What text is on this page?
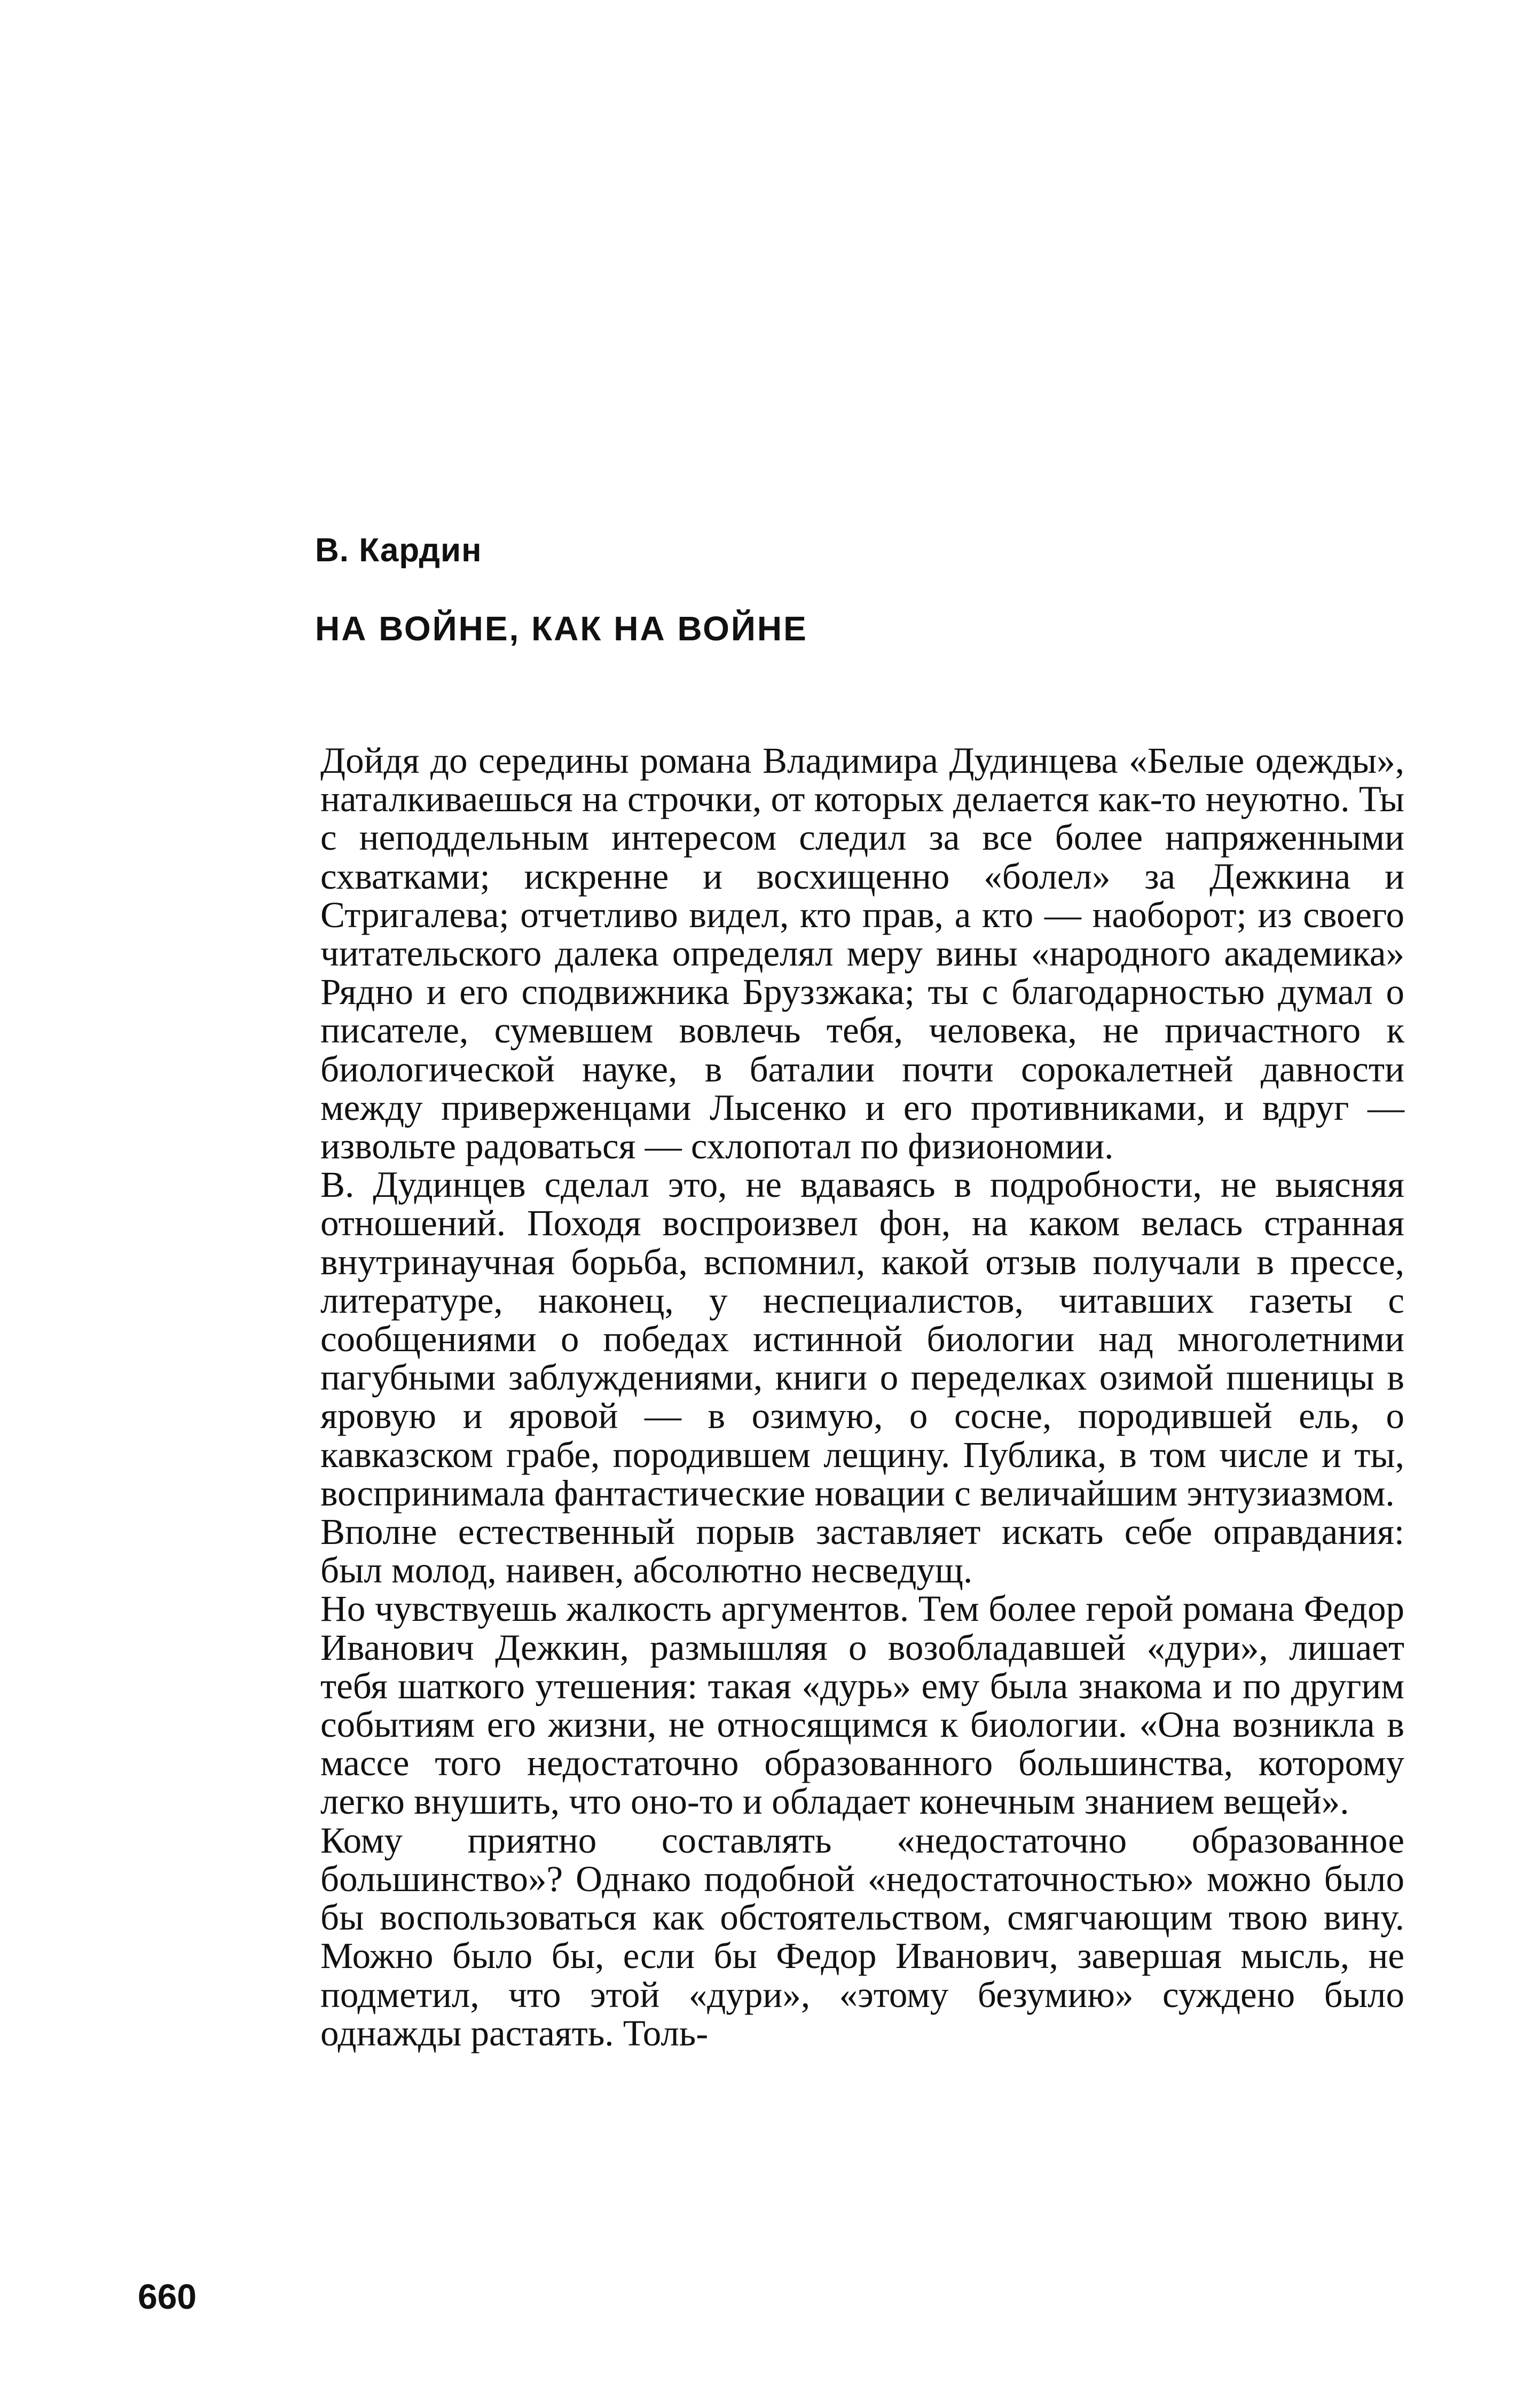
В. Кардин
НА ВОЙНЕ, КАК НА ВОЙНЕ

Дойдя до середины романа Владимира Дудинцева «Белые одежды», наталкиваешься на строчки, от которых делается как-то неуютно. Ты с неподдельным интересом следил за все более напряженными схватками; искренне и восхищенно «болел» за Дежкина и Стригалева; отчетливо видел, кто прав, а кто — наоборот; из своего читательского далека определял меру вины «народного академика» Рядно и его сподвижника Бруззжака; ты с благодарностью думал о писателе, сумевшем вовлечь тебя, человека, не причастного к биологической науке, в баталии почти сорокалетней давности между приверженцами Лысенко и его противниками, и вдруг — извольте радоваться — схлопотал по физиономии.

В. Дудинцев сделал это, не вдаваясь в подробности, не выясняя отношений. Походя воспроизвел фон, на каком велась странная внутринаучная борьба, вспомнил, какой отзыв получали в прессе, литературе, наконец, у неспециалистов, читавших газеты с сообщениями о победах истинной биологии над многолетними пагубными заблуждениями, книги о переделках озимой пшеницы в яровую и яровой — в озимую, о сосне, породившей ель, о кавказском грабе, породившем лещину. Публика, в том числе и ты, воспринимала фантастические новации с величайшим энтузиазмом.

Вполне естественный порыв заставляет искать себе оправдания: был молод, наивен, абсолютно несведущ.

Но чувствуешь жалкость аргументов. Тем более герой романа Федор Иванович Дежкин, размышляя о возобладавшей «дури», лишает тебя шаткого утешения: такая «дурь» ему была знакома и по другим событиям его жизни, не относящимся к биологии. «Она возникла в массе того недостаточно образованного большинства, которому легко внушить, что оно-то и обладает конечным знанием вещей».

Кому приятно составлять «недостаточно образованное большинство»? Однако подобной «недостаточностью» можно было бы воспользоваться как обстоятельством, смягчающим твою вину. Можно было бы, если бы Федор Иванович, завершая мысль, не подметил, что этой «дури», «этому безумию» суждено было однажды растаять. Толь-

660
